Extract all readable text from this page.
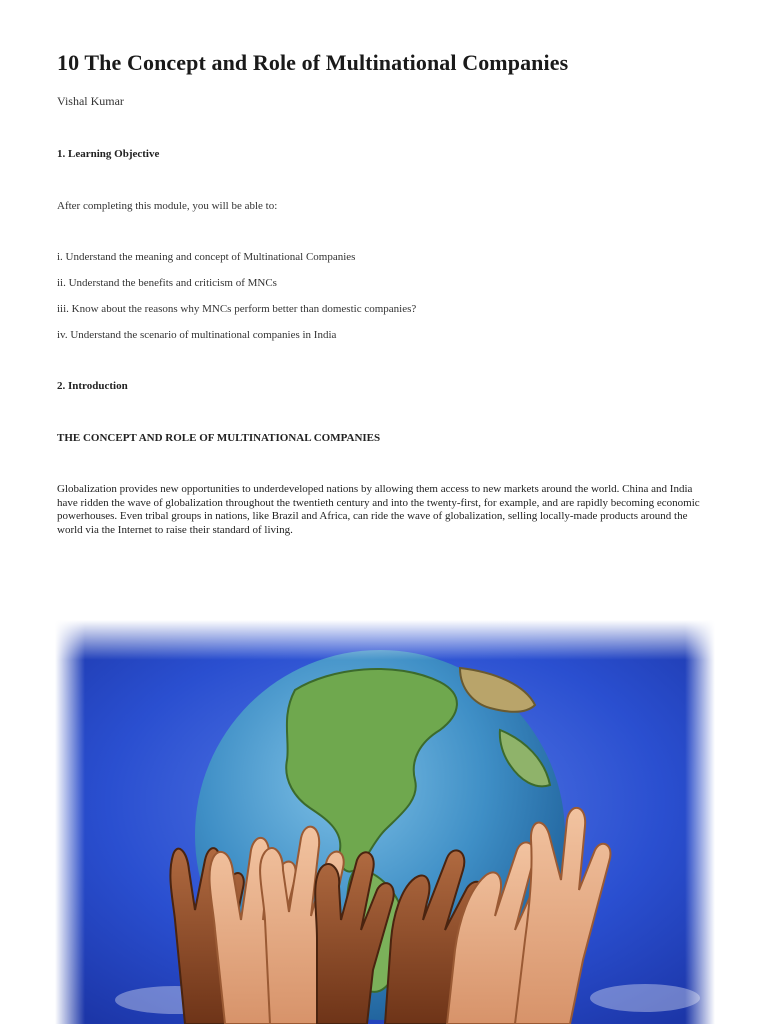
10 The Concept and Role of Multinational Companies
Vishal Kumar
1. Learning Objective
After completing this module, you will be able to:
i. Understand the meaning and concept of Multinational Companies
ii. Understand the benefits and criticism of MNCs
iii. Know about the reasons why MNCs perform better than domestic companies?
iv. Understand the scenario of multinational companies in India
2. Introduction
THE CONCEPT AND ROLE OF MULTINATIONAL COMPANIES
Globalization provides new opportunities to underdeveloped nations by allowing them access to new markets around the world. China and India have ridden the wave of globalization throughout the twentieth century and into the twenty-first, for example, and are rapidly becoming economic powerhouses. Even tribal groups in nations, like Brazil and Africa, can ride the wave of globalization, selling locally-made products around the world via the Internet to raise their standard of living.
